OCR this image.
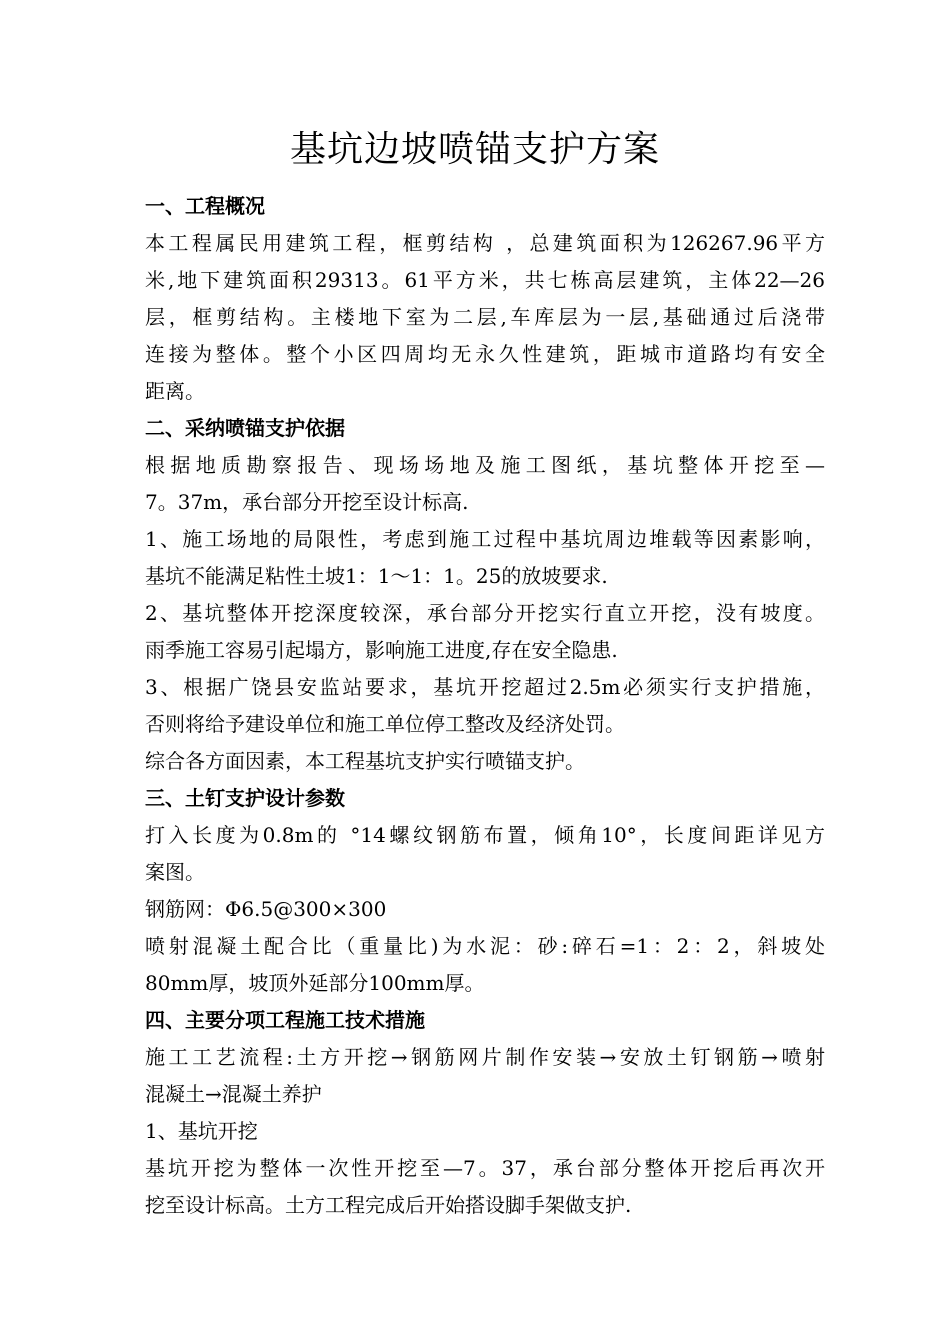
基坑边坡喷锚支护方案
一、工程概况

本工程属民用建筑工程，框剪结构 ，总建筑面积为126267.96平方
米,地下建筑面积29313。61平方米，共七栋高层建筑，主体22—26
层，框剪结构。主楼地下室为二层,车库层为一层,基础通过后浇带
连接为整体。整个小区四周均无永久性建筑，距城市道路均有安全
距离。

二、采纳喷锚支护依据

根据地质勘察报告、现场场地及施工图纸，基坑整体开挖至—
7。37m，承台部分开挖至设计标高.

1、施工场地的局限性，考虑到施工过程中基坑周边堆载等因素影响，
基坑不能满足粘性土坡1：1～1：1。25的放坡要求.

2、基坑整体开挖深度较深，承台部分开挖实行直立开挖，没有坡度。
雨季施工容易引起塌方，影响施工进度,存在安全隐患.

3、根据广饶县安监站要求，基坑开挖超过2.5m必须实行支护措施，
否则将给予建设单位和施工单位停工整改及经济处罚。

综合各方面因素，本工程基坑支护实行喷锚支护。

三、土钉支护设计参数

打入长度为0.8m的 °14螺纹钢筋布置，倾角10°，长度间距详见方
案图。

钢筋网：Φ6.5@300×300

喷射混凝土配合比（重量比)为水泥：砂:碎石=1：2：2，斜坡处
80mm厚，坡顶外延部分100mm厚。

四、主要分项工程施工技术措施

施工工艺流程:土方开挖→钢筋网片制作安装→安放土钉钢筋→喷射
混凝土→混凝土养护

1、基坑开挖

基坑开挖为整体一次性开挖至—7。37，承台部分整体开挖后再次开
挖至设计标高。土方工程完成后开始搭设脚手架做支护.
